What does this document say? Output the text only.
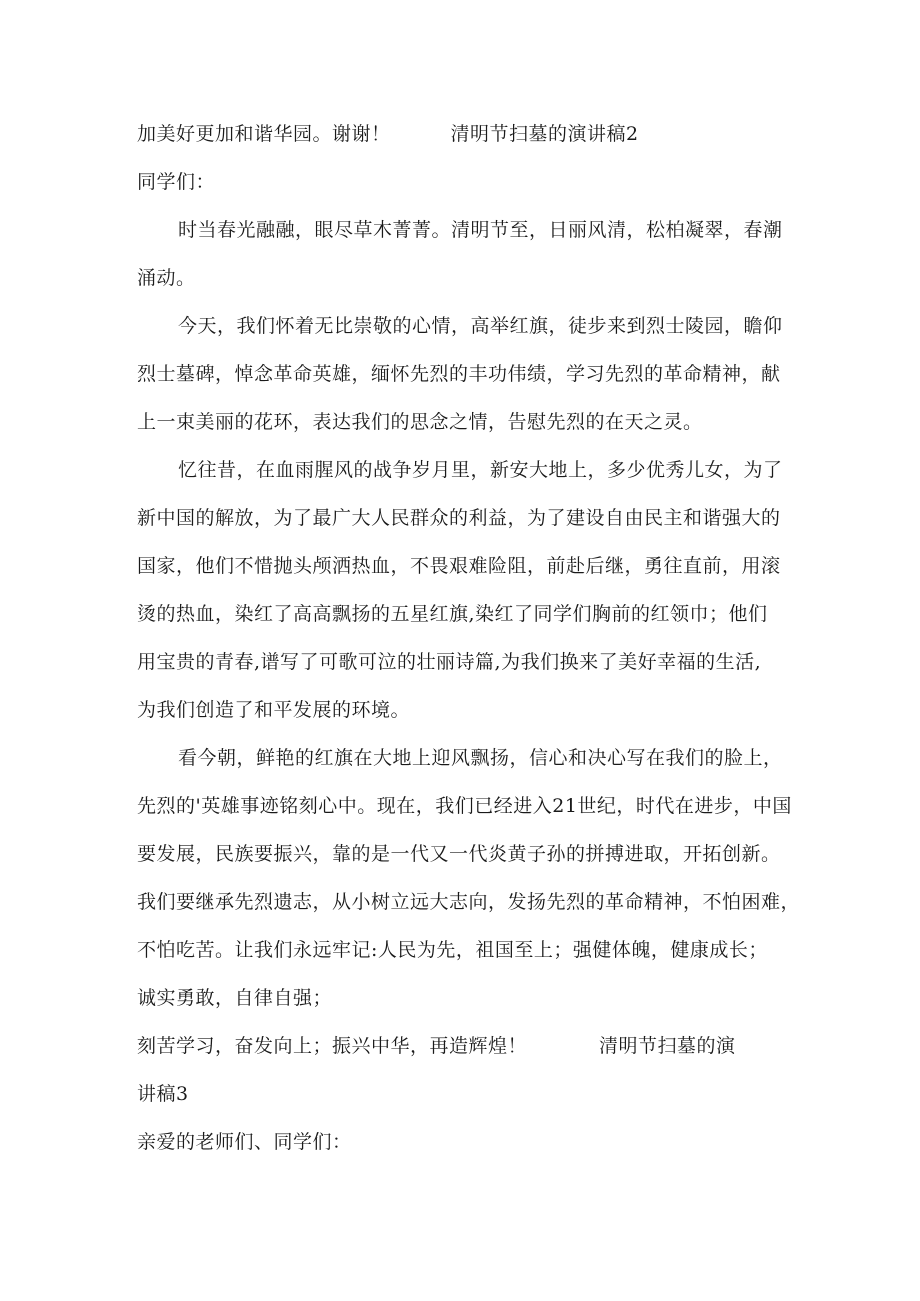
加美好更加和谐华园。谢谢！	清明节扫墓的演讲稿2
同学们：
时当春光融融，眼尽草木菁菁。清明节至，日丽风清，松柏凝翠，春潮
涌动。
今天，我们怀着无比崇敬的心情，高举红旗，徒步来到烈士陵园，瞻仰
烈士墓碑，悼念革命英雄，缅怀先烈的丰功伟绩，学习先烈的革命精神，献
上一束美丽的花环，表达我们的思念之情，告慰先烈的在天之灵。
忆往昔，在血雨腥风的战争岁月里，新安大地上，多少优秀儿女，为了
新中国的解放，为了最广大人民群众的利益，为了建设自由民主和谐强大的
国家，他们不惜抛头颅洒热血，不畏艰难险阻，前赴后继，勇往直前，用滚
烫的热血，染红了高高飘扬的五星红旗,染红了同学们胸前的红领巾；他们
用宝贵的青春,谱写了可歌可泣的壮丽诗篇,为我们换来了美好幸福的生活,
为我们创造了和平发展的环境。
看今朝，鲜艳的红旗在大地上迎风飘扬，信心和决心写在我们的脸上，
先烈的'英雄事迹铭刻心中。现在，我们已经进入21世纪，时代在进步，中国
要发展，民族要振兴，靠的是一代又一代炎黄子孙的拼搏进取，开拓创新。
我们要继承先烈遗志，从小树立远大志向，发扬先烈的革命精神，不怕困难，
不怕吃苦。让我们永远牢记:人民为先，祖国至上；强健体魄，健康成长；
诚实勇敢，自律自强；
刻苦学习，奋发向上；振兴中华，再造辉煌！	清明节扫墓的演
讲稿3
亲爱的老师们、同学们：
